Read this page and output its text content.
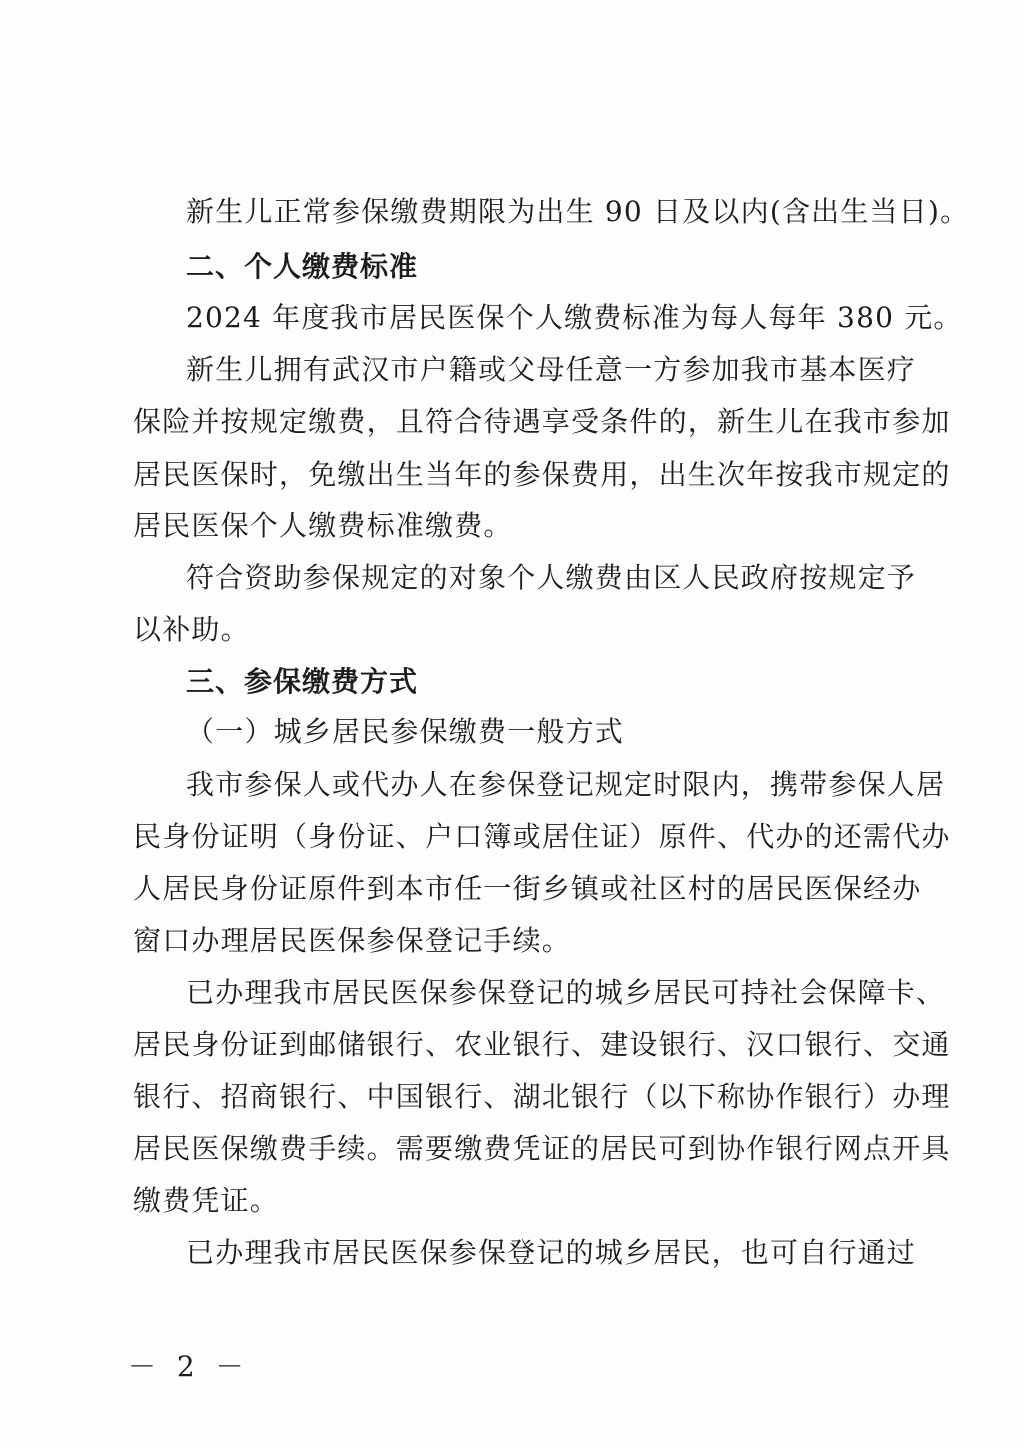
新生儿正常参保缴费期限为出生 90 日及以内(含出生当日)。
二、个人缴费标准
2024 年度我市居民医保个人缴费标准为每人每年 380 元。
新生儿拥有武汉市户籍或父母任意一方参加我市基本医疗
保险并按规定缴费，且符合待遇享受条件的，新生儿在我市参加
居民医保时，免缴出生当年的参保费用，出生次年按我市规定的
居民医保个人缴费标准缴费。
符合资助参保规定的对象个人缴费由区人民政府按规定予
以补助。
三、参保缴费方式
（一）城乡居民参保缴费一般方式
我市参保人或代办人在参保登记规定时限内，携带参保人居
民身份证明（身份证、户口簿或居住证）原件、代办的还需代办
人居民身份证原件到本市任一街乡镇或社区村的居民医保经办
窗口办理居民医保参保登记手续。
已办理我市居民医保参保登记的城乡居民可持社会保障卡、
居民身份证到邮储银行、农业银行、建设银行、汉口银行、交通
银行、招商银行、中国银行、湖北银行（以下称协作银行）办理
居民医保缴费手续。需要缴费凭证的居民可到协作银行网点开具
缴费凭证。
已办理我市居民医保参保登记的城乡居民，也可自行通过
－ 2 －
